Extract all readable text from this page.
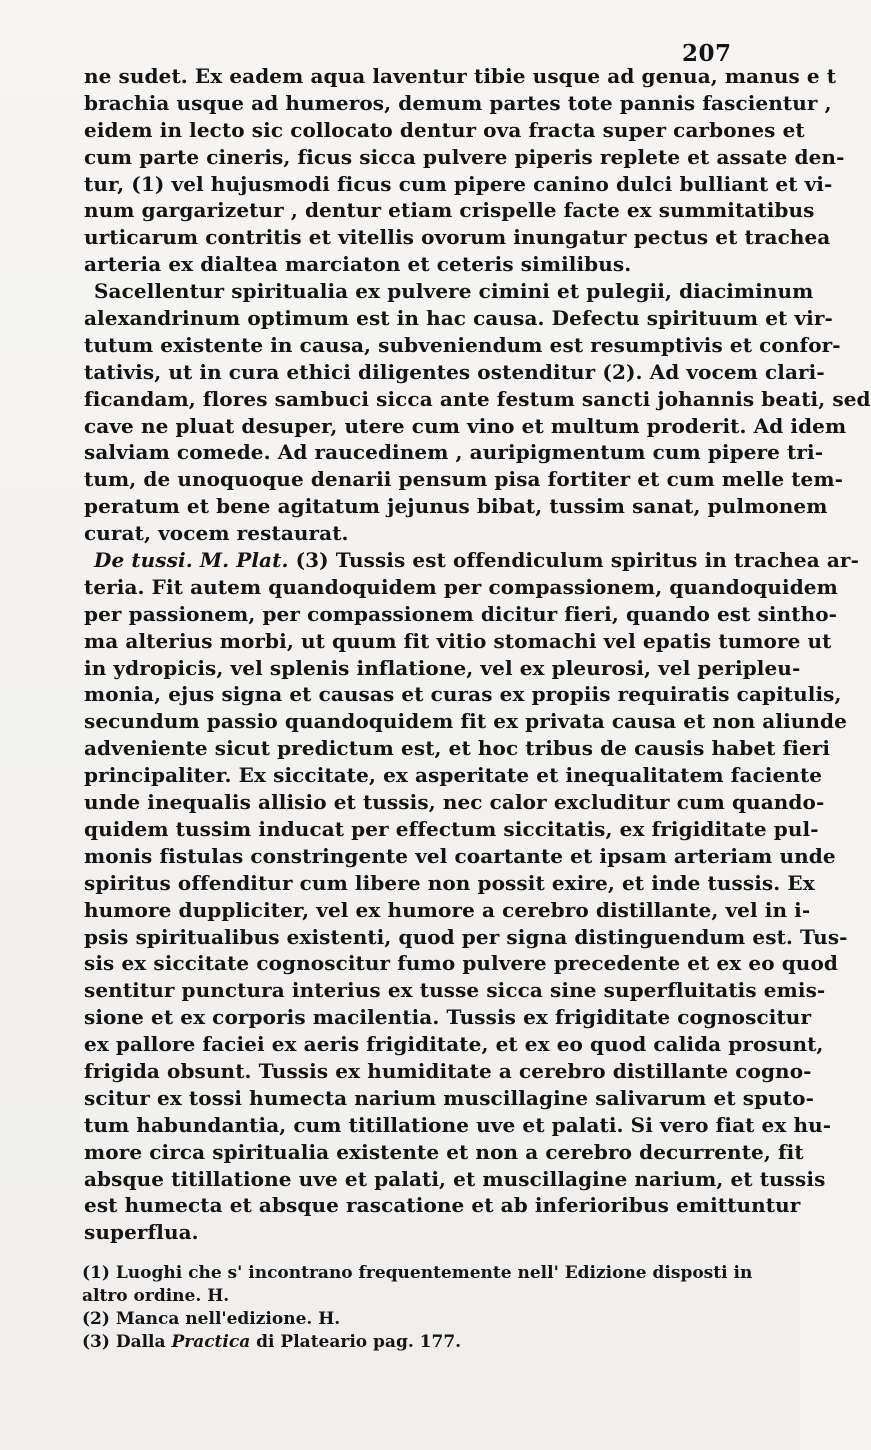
207
ne sudet. Ex eadem aqua laventur tibie usque ad genua, manus e t
brachia usque ad humeros, demum partes tote pannis fascientur ,
eidem in lecto sic collocato dentur ova fracta super carbones et
cum parte cineris, ficus sicca pulvere piperis replete et assate den-
tur, (1) vel hujusmodi ficus cum pipere canino dulci bulliant et vi-
num gargarizetur , dentur etiam crispelle facte ex summitatibus
urticarum contritis et vitellis ovorum inungatur pectus et trachea
arteria ex dialtea marciaton et ceteris similibus.
Sacellentur spiritualia ex pulvere cimini et pulegii, diaciminum
alexandrinum optimum est in hac causa. Defectu spirituum et vir-
tutum existente in causa, subveniendum est resumptivis et confor-
tativis, ut in cura ethici diligentes ostenditur (2). Ad vocem clari-
ficandam, flores sambuci sicca ante festum sancti johannis beati, sed
cave ne pluat desuper, utere cum vino et multum proderit. Ad idem
salviam comede. Ad raucedinem , auripigmentum cum pipere tri-
tum, de unoquoque denarii pensum pisa fortiter et cum melle tem-
peratum et bene agitatum jejunus bibat, tussim sanat, pulmonem
curat, vocem restaurat.
De tussi. M. Plat. (3) Tussis est offendiculum spiritus in trachea ar-
teria. Fit autem quandoquidem per compassionem, quandoquidem
per passionem, per compassionem dicitur fieri, quando est sintho-
ma alterius morbi, ut quum fit vitio stomachi vel epatis tumore ut
in ydropicis, vel splenis inflatione, vel ex pleurosi, vel peripleu-
monia, ejus signa et causas et curas ex propiis requiratis capitulis,
secundum passio quandoquidem fit ex privata causa et non aliunde
adveniente sicut predictum est, et hoc tribus de causis habet fieri
principaliter. Ex siccitate, ex asperitate et inequalitatem faciente
unde inequalis allisio et tussis, nec calor excluditur cum quando-
quidem tussim inducat per effectum siccitatis, ex frigiditate pul-
monis fistulas constringente vel coartante et ipsam arteriam unde
spiritus offenditur cum libere non possit exire, et inde tussis. Ex
humore duppliciter, vel ex humore a cerebro distillante, vel in i-
psis spiritualibus existenti, quod per signa distinguendum est. Tus-
sis ex siccitate cognoscitur fumo pulvere precedente et ex eo quod
sentitur punctura interius ex tusse sicca sine superfluitatis emis-
sione et ex corporis macilentia. Tussis ex frigiditate cognoscitur
ex pallore faciei ex aeris frigiditate, et ex eo quod calida prosunt,
frigida obsunt. Tussis ex humiditate a cerebro distillante cogno-
scitur ex tossi humecta narium muscillagine salivarum et sputo-
tum habundantia, cum titillatione uve et palati. Si vero fiat ex hu-
more circa spiritualia existente et non a cerebro decurrente, fit
absque titillatione uve et palati, et muscillagine narium, et tussis
est humecta et absque rascatione et ab inferioribus emittuntur
superflua.
(1) Luoghi che s' incontrano frequentemente nell' Edizione disposti in
altro ordine. H.
(2) Manca nell'edizione. H.
(3) Dalla Practica di Plateario pag. 177.
